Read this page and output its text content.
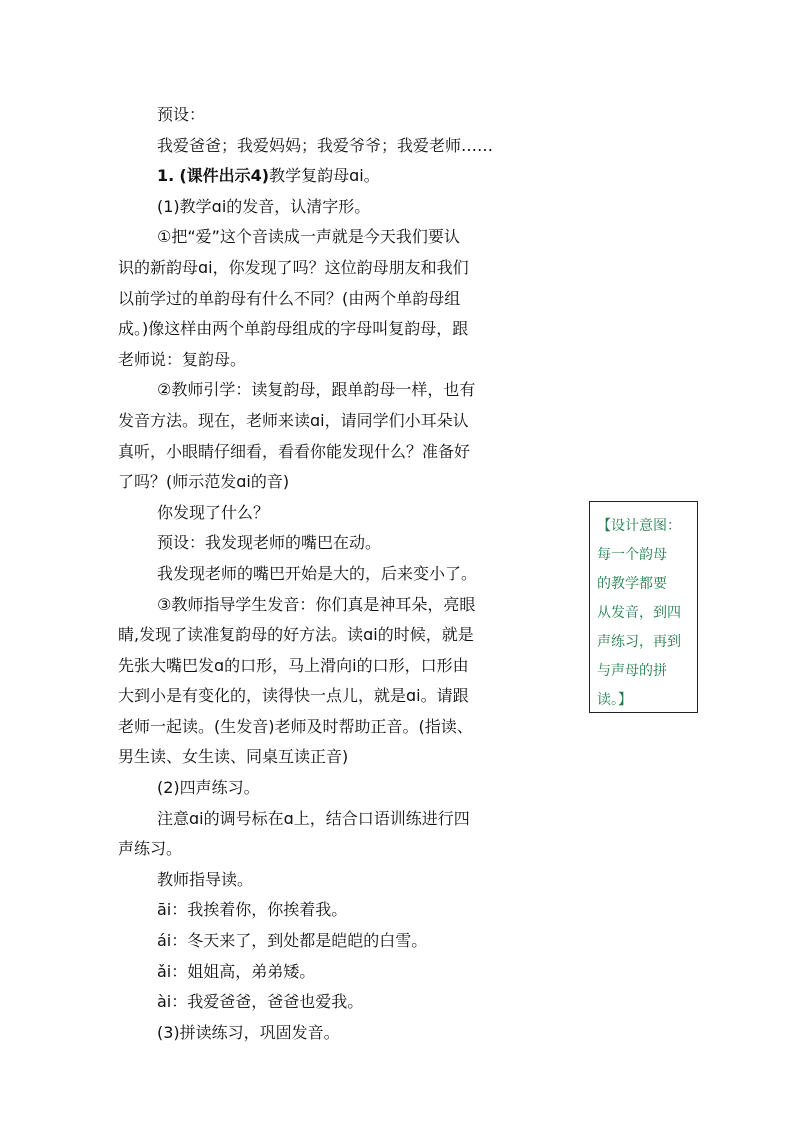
预设：
我爱爸爸；我爱妈妈；我爱爷爷；我爱老师……
1. (课件出示4)教学复韵母ɑi。
(1)教学ɑi的发音，认清字形。
①把“爱”这个音读成一声就是今天我们要认
识的新韵母ɑi，你发现了吗？这位韵母朋友和我们
以前学过的单韵母有什么不同？(由两个单韵母组
成。)像这样由两个单韵母组成的字母叫复韵母，跟
老师说：复韵母。
②教师引学：读复韵母，跟单韵母一样，也有
发音方法。现在，老师来读ɑi，请同学们小耳朵认
真听，小眼睛仔细看，看看你能发现什么？准备好
了吗？(师示范发ɑi的音)
你发现了什么？
预设：我发现老师的嘴巴在动。
我发现老师的嘴巴开始是大的，后来变小了。
③教师指导学生发音：你们真是神耳朵，亮眼
睛,发现了读准复韵母的好方法。读ɑi的时候，就是
先张大嘴巴发ɑ的口形，马上滑向i的口形，口形由
大到小是有变化的，读得快一点儿，就是ɑi。请跟
老师一起读。(生发音)老师及时帮助正音。(指读、
男生读、女生读、同桌互读正音)
(2)四声练习。
注意ɑi的调号标在ɑ上，结合口语训练进行四
声练习。
教师指导读。
āi：我挨着你，你挨着我。
ái：冬天来了，到处都是皑皑的白雪。
ǎi：姐姐高，弟弟矮。
ài：我爱爸爸，爸爸也爱我。
(3)拼读练习，巩固发音。
【设计意图：
每一个韵母
的教学都要
从发音，到四
声练习，再到
与声母的拼
读。】
